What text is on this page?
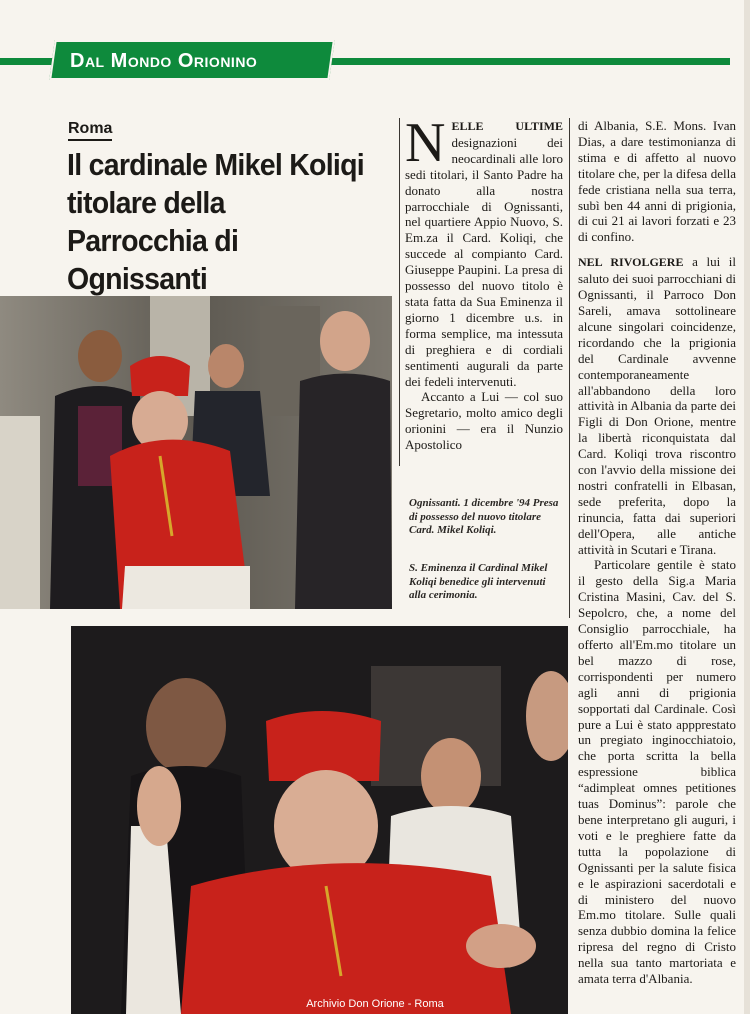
Dal Mondo Orionino
Roma
Il cardinale Mikel Koliqi titolare della Parrocchia di Ognissanti
Ognissanti. 1 dicembre '94 Presa di possesso del nuovo titolare Card. Mikel Koliqi.
S. Eminenza il Cardinal Mikel Koliqi benedice gli intervenuti alla cerimonia.

NELLE ULTIME designazioni dei neocardinali alle loro sedi titolari, il Santo Padre ha donato alla nostra parrocchiale di Ognissanti, nel quartiere Appio Nuovo, S. Em.za il Card. Koliqi, che succede al compianto Card. Giuseppe Paupini. La presa di possesso del nuovo titolo è stata fatta da Sua Eminenza il giorno 1 dicembre u.s. in forma semplice, ma intessuta di preghiera e di cordiali sentimenti augurali da parte dei fedeli intervenuti.

Accanto a Lui — col suo Segretario, molto amico degli orionini — era il Nunzio Apostolico

di Albania, S.E. Mons. Ivan Dias, a dare testimonianza di stima e di affetto al nuovo titolare che, per la difesa della fede cristiana nella sua terra, subì ben 44 anni di prigionia, di cui 21 ai lavori forzati e 23 di confino.

NEL RIVOLGERE a lui il saluto dei suoi parrocchiani di Ognissanti, il Parroco Don Sareli, amava sottolineare alcune singolari coincidenze, ricordando che la prigionia del Cardinale avvenne contemporaneamente all'abbandono della loro attività in Albania da parte dei Figli di Don Orione, mentre la libertà riconquistata dal Card. Koliqi trova riscontro con l'avvio della missione dei nostri confratelli in Elbasan, sede preferita, dopo la rinuncia, fatta dai superiori dell'Opera, alle antiche attività in Scutari e Tirana.

Particolare gentile è stato il gesto della Sig.a Maria Cristina Masini, Cav. del S. Sepolcro, che, a nome del Consiglio parrocchiale, ha offerto all'Em.mo titolare un bel mazzo di rose, corrispondenti per numero agli anni di prigionia sopportati dal Cardinale. Così pure a Lui è stato appprestato un pregiato inginocchiatoio, che porta scritta la bella espressione biblica “adimpleat omnes petitiones tuas Dominus”: parole che bene interpretano gli auguri, i voti e le preghiere fatte da tutta la popolazione di Ognissanti per la salute fisica e le aspirazioni sacerdotali e di ministero del nuovo Em.mo titolare. Sulle quali senza dubbio domina la felice ripresa del regno di Cristo nella sua tanto martoriata e amata terra d'Albania.

Archivio Don Orione - Roma
